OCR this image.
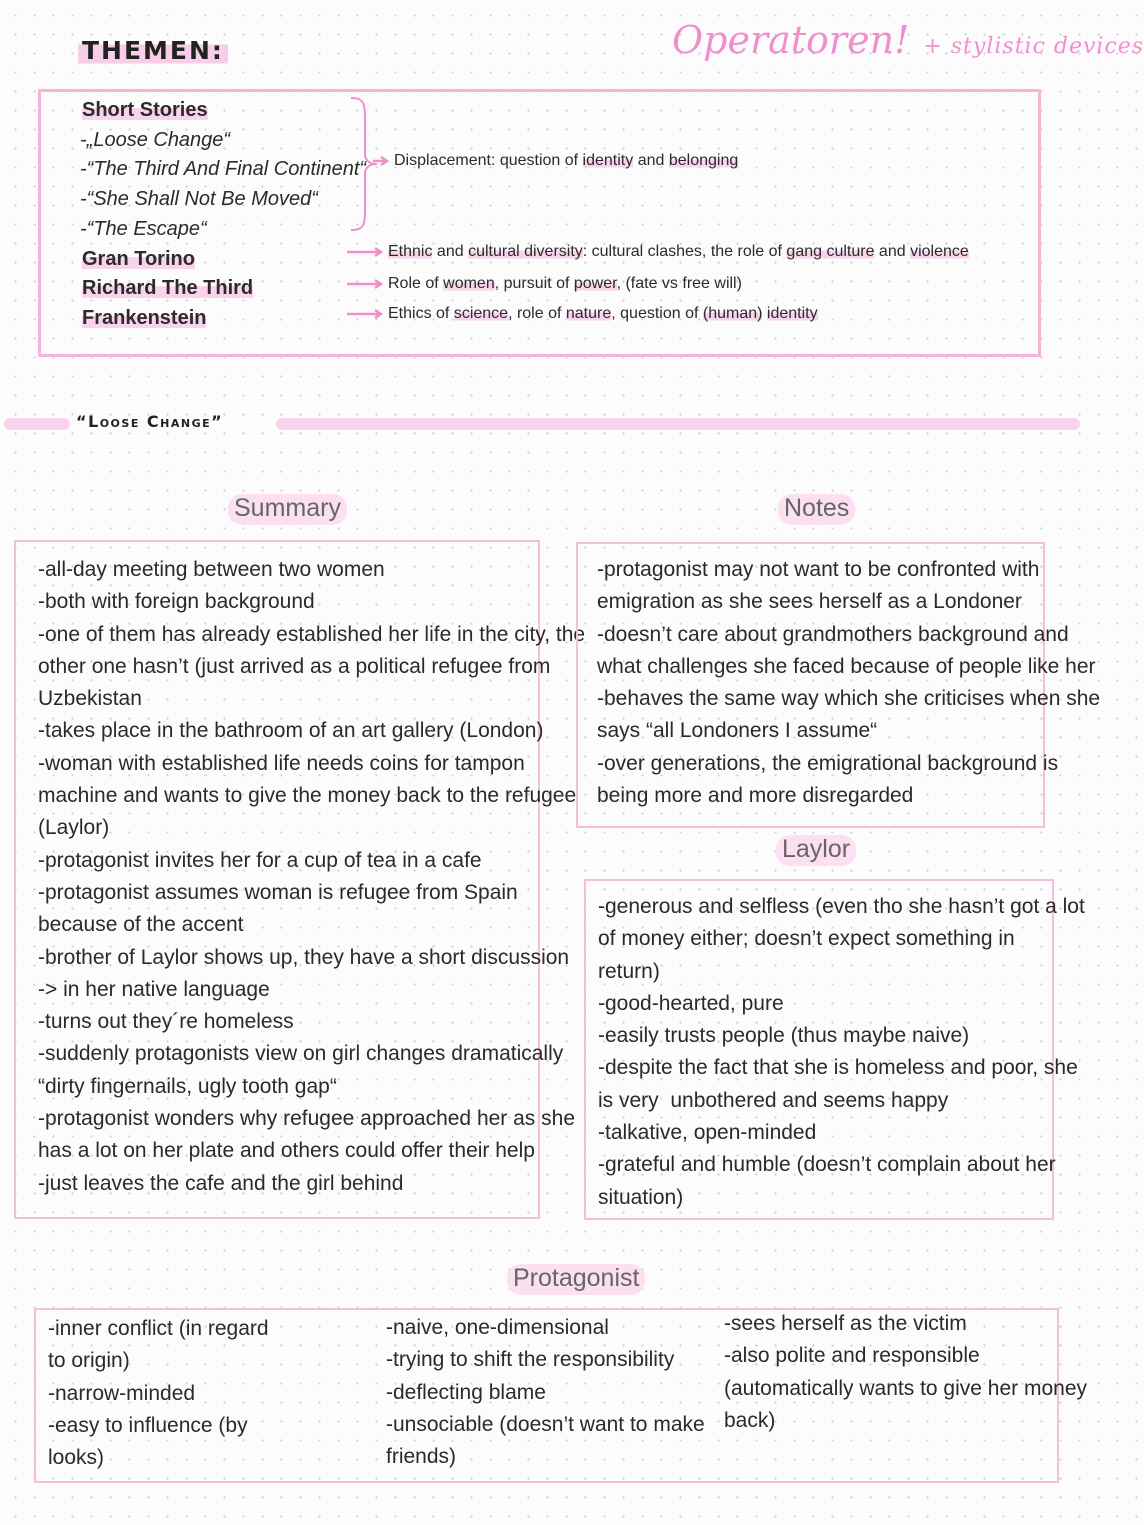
THEMEN:	Operatoren! + stylistic devices
Short Stories
-„Loose Change“
-“The Third And Final Continent“
-“She Shall Not Be Moved“
-“The Escape“
Gran Torino
Richard The Third
Frankenstein
Displacement: question of identity and belonging
Ethnic and cultural diversity: cultural clashes, the role of gang culture and violence
Role of women, pursuit of power, (fate vs free will)
Ethics of science, role of nature, question of (human) identity
“Loose Change”
Summary
-all-day meeting between two women
-both with foreign background
-one of them has already established her life in the city, the
other one hasn’t (just arrived as a political refugee from
Uzbekistan
-takes place in the bathroom of an art gallery (London)
-woman with established life needs coins for tampon
machine and wants to give the money back to the refugee
(Laylor)
-protagonist invites her for a cup of tea in a cafe
-protagonist assumes woman is refugee from Spain
because of the accent
-brother of Laylor shows up, they have a short discussion
-> in her native language
-turns out they´re homeless
-suddenly protagonists view on girl changes dramatically
“dirty fingernails, ugly tooth gap“
-protagonist wonders why refugee approached her as she
has a lot on her plate and others could offer their help
-just leaves the cafe and the girl behind
Notes
-protagonist may not want to be confronted with
emigration as she sees herself as a Londoner
-doesn’t care about grandmothers background and
what challenges she faced because of people like her
-behaves the same way which she criticises when she
says “all Londoners I assume“
-over generations, the emigrational background is
being more and more disregarded
Laylor
-generous and selfless (even tho she hasn’t got a lot
of money either; doesn’t expect something in
return)
-good-hearted, pure
-easily trusts people (thus maybe naive)
-despite the fact that she is homeless and poor, she
is very  unbothered and seems happy
-talkative, open-minded
-grateful and humble (doesn’t complain about her
situation)
Protagonist
-inner conflict (in regard
to origin)
-narrow-minded
-easy to influence (by
looks)
-naive, one-dimensional
-trying to shift the responsibility
-deflecting blame
-unsociable (doesn’t want to make
friends)
-sees herself as the victim
-also polite and responsible
(automatically wants to give her money
back)
